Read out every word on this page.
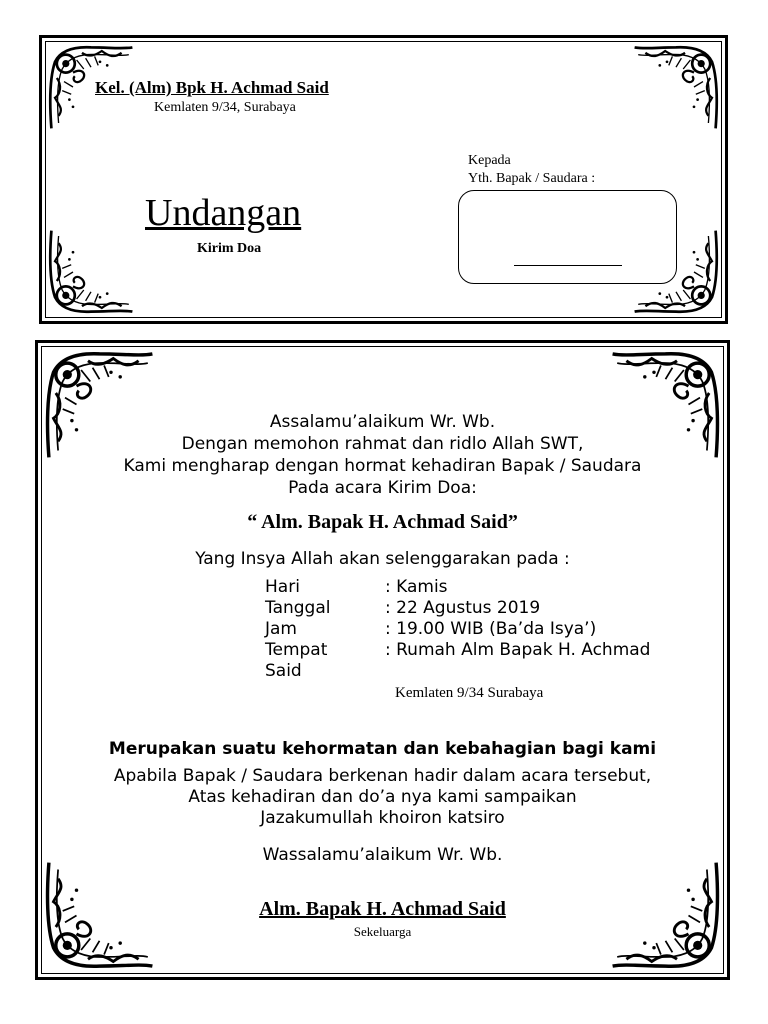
Kel. (Alm) Bpk H. Achmad Said
Kemlaten 9/34, Surabaya
Undangan
Kirim Doa
Kepada
Yth. Bapak / Saudara :
Assalamu’alaikum Wr. Wb.
Dengan memohon rahmat dan ridlo Allah SWT,
Kami mengharap dengan hormat kehadiran Bapak / Saudara
Pada acara Kirim Doa:
“ Alm. Bapak H. Achmad Said”
Yang Insya Allah akan selenggarakan pada :
Hari	: Kamis
Tanggal	: 22 Agustus 2019
Jam	: 19.00 WIB (Ba’da Isya’)
Tempat	: Rumah Alm Bapak H. Achmad
Said
Kemlaten 9/34 Surabaya
Merupakan suatu kehormatan dan kebahagian bagi kami
Apabila Bapak / Saudara berkenan hadir dalam acara tersebut,
Atas kehadiran dan do’a nya kami sampaikan
Jazakumullah khoiron katsiro
Wassalamu’alaikum Wr. Wb.
Alm. Bapak H. Achmad Said
Sekeluarga
